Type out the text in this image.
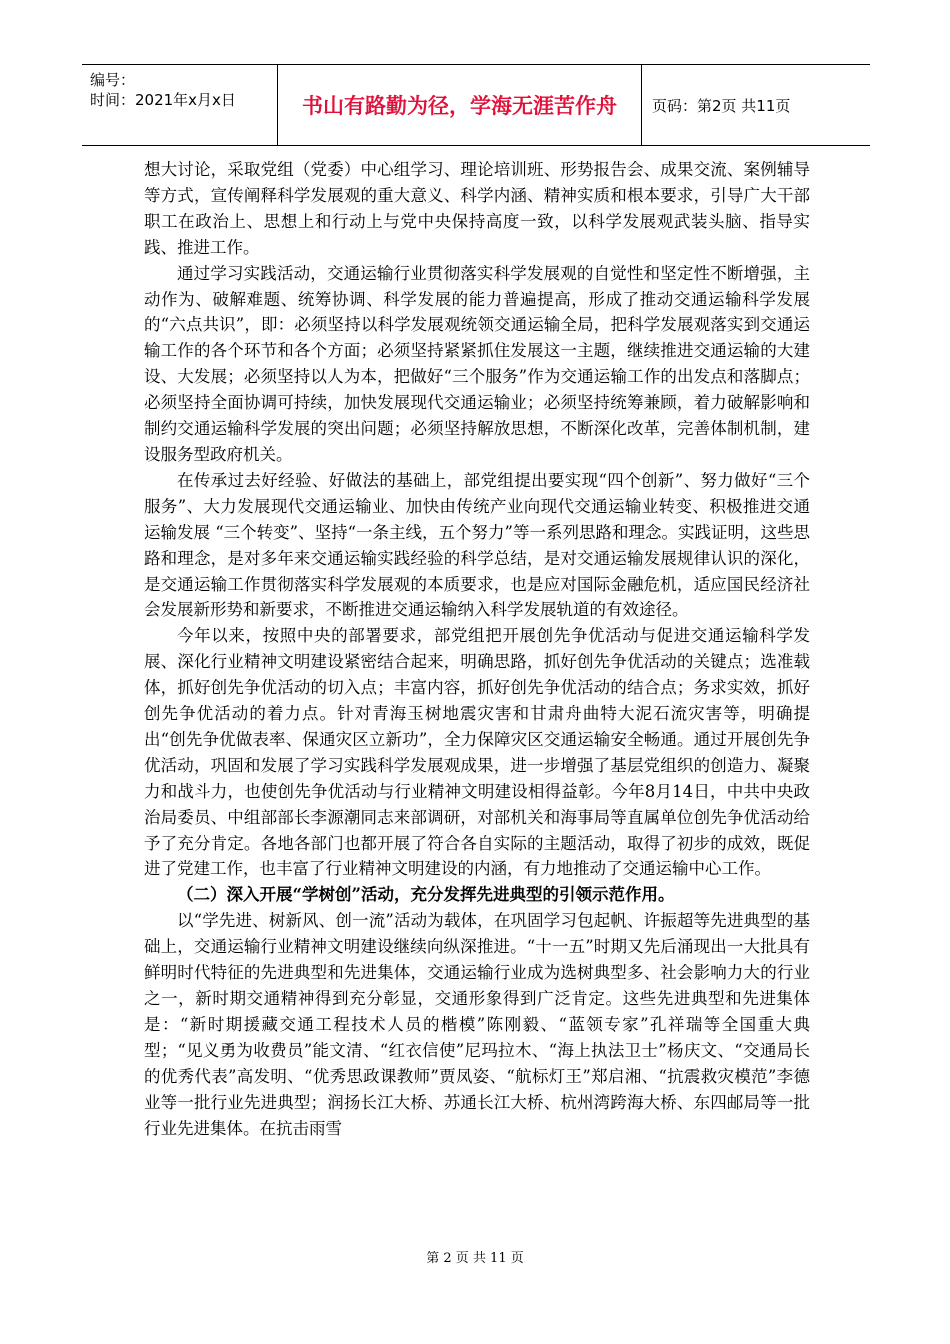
编号：
时间：2021年x月x日	书山有路勤为径，学海无涯苦作舟	页码：第2页 共11页

想大讨论，采取党组（党委）中心组学习、理论培训班、形势报告会、成果交流、案例辅导等方式，宣传阐释科学发展观的重大意义、科学内涵、精神实质和根本要求，引导广大干部职工在政治上、思想上和行动上与党中央保持高度一致，以科学发展观武装头脑、指导实践、推进工作。

通过学习实践活动，交通运输行业贯彻落实科学发展观的自觉性和坚定性不断增强，主动作为、破解难题、统筹协调、科学发展的能力普遍提高，形成了推动交通运输科学发展的“六点共识”，即：必须坚持以科学发展观统领交通运输全局，把科学发展观落实到交通运输工作的各个环节和各个方面；必须坚持紧紧抓住发展这一主题，继续推进交通运输的大建设、大发展；必须坚持以人为本，把做好“三个服务”作为交通运输工作的出发点和落脚点；必须坚持全面协调可持续，加快发展现代交通运输业；必须坚持统筹兼顾，着力破解影响和制约交通运输科学发展的突出问题；必须坚持解放思想，不断深化改革，完善体制机制，建设服务型政府机关。

在传承过去好经验、好做法的基础上，部党组提出要实现“四个创新”、努力做好“三个服务”、大力发展现代交通运输业、加快由传统产业向现代交通运输业转变、积极推进交通运输发展 “三个转变”、坚持“一条主线，五个努力”等一系列思路和理念。实践证明，这些思路和理念，是对多年来交通运输实践经验的科学总结，是对交通运输发展规律认识的深化，是交通运输工作贯彻落实科学发展观的本质要求，也是应对国际金融危机，适应国民经济社会发展新形势和新要求，不断推进交通运输纳入科学发展轨道的有效途径。

今年以来，按照中央的部署要求，部党组把开展创先争优活动与促进交通运输科学发展、深化行业精神文明建设紧密结合起来，明确思路，抓好创先争优活动的关键点；选准载体，抓好创先争优活动的切入点；丰富内容，抓好创先争优活动的结合点；务求实效，抓好创先争优活动的着力点。针对青海玉树地震灾害和甘肃舟曲特大泥石流灾害等，明确提出“创先争优做表率、保通灾区立新功”，全力保障灾区交通运输安全畅通。通过开展创先争优活动，巩固和发展了学习实践科学发展观成果，进一步增强了基层党组织的创造力、凝聚力和战斗力，也使创先争优活动与行业精神文明建设相得益彰。今年8月14日，中共中央政治局委员、中组部部长李源潮同志来部调研，对部机关和海事局等直属单位创先争优活动给予了充分肯定。各地各部门也都开展了符合各自实际的主题活动，取得了初步的成效，既促进了党建工作，也丰富了行业精神文明建设的内涵，有力地推动了交通运输中心工作。

（二）深入开展“学树创”活动，充分发挥先进典型的引领示范作用。

以“学先进、树新风、创一流”活动为载体，在巩固学习包起帆、许振超等先进典型的基础上，交通运输行业精神文明建设继续向纵深推进。“十一五”时期又先后涌现出一大批具有鲜明时代特征的先进典型和先进集体，交通运输行业成为选树典型多、社会影响力大的行业之一，新时期交通精神得到充分彰显，交通形象得到广泛肯定。这些先进典型和先进集体是：“新时期援藏交通工程技术人员的楷模”陈刚毅、“蓝领专家”孔祥瑞等全国重大典型；“见义勇为收费员”能文清、“红衣信使”尼玛拉木、“海上执法卫士”杨庆文、“交通局长的优秀代表”高发明、“优秀思政课教师”贾凤姿、“航标灯王”郑启湘、“抗震救灾模范”李德业等一批行业先进典型；润扬长江大桥、苏通长江大桥、杭州湾跨海大桥、东四邮局等一批行业先进集体。在抗击雨雪

第 2 页 共 11 页
